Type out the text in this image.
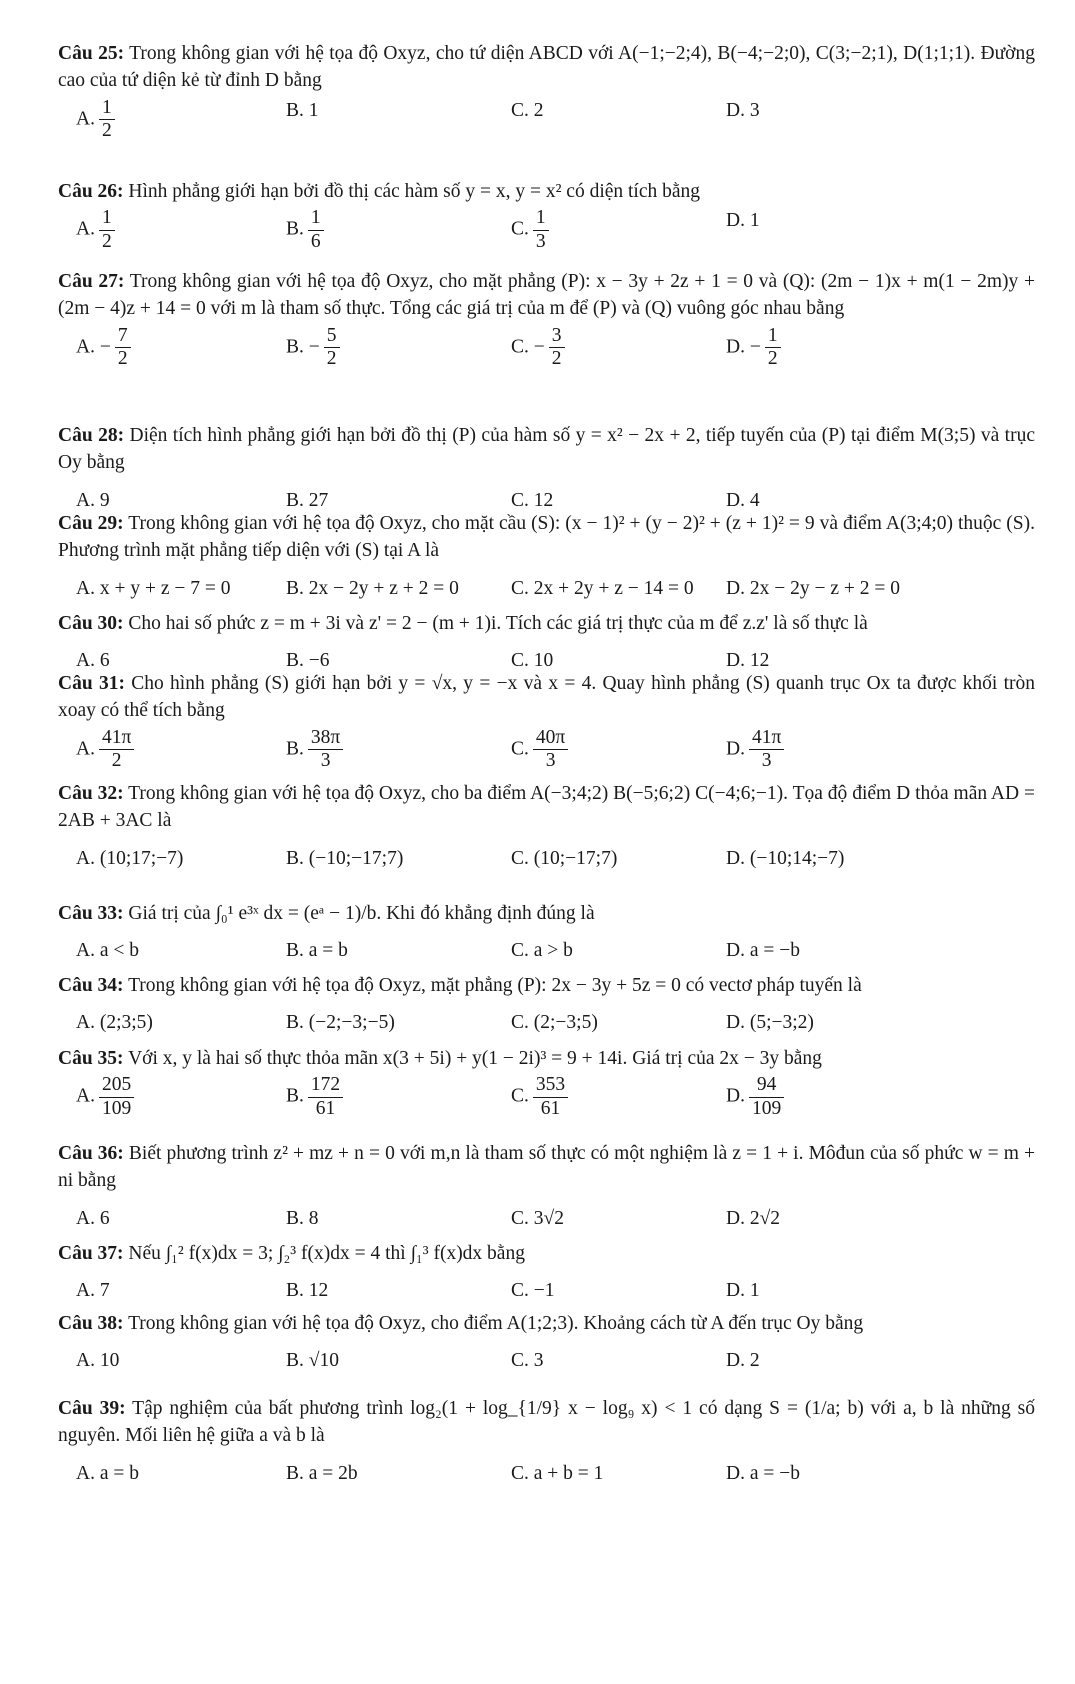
Câu 25: Trong không gian với hệ tọa độ Oxyz, cho tứ diện ABCD với A(−1;−2;4), B(−4;−2;0), C(3;−2;1), D(1;1;1). Đường cao của tứ diện kẻ từ đỉnh D bằng
A. $\frac{1}{2}$	B. 1	C. 2	D. 3
Câu 26: Hình phẳng giới hạn bởi đồ thị các hàm số y = x, y = x² có diện tích bằng
A. $\frac{1}{2}$	B. $\frac{1}{6}$	C. $\frac{1}{3}$	D. 1
Câu 27: Trong không gian với hệ tọa độ Oxyz, cho mặt phẳng (P): x − 3y + 2z + 1 = 0 và (Q): (2m − 1)x + m(1 − 2m)y + (2m − 4)z + 14 = 0 với m là tham số thực. Tổng các giá trị của m để (P) và (Q) vuông góc nhau bằng
A. − $\frac{7}{2}$	B. − $\frac{5}{2}$	C. − $\frac{3}{2}$	D. − $\frac{1}{2}$
Câu 28: Diện tích hình phẳng giới hạn bởi đồ thị (P) của hàm số y = x² − 2x + 2, tiếp tuyến của (P) tại điểm M(3;5) và trục Oy bằng
A. 9	B. 27	C. 12	D. 4
Câu 29: Trong không gian với hệ tọa độ Oxyz, cho mặt cầu (S): (x − 1)² + (y − 2)² + (z + 1)² = 9 và điểm A(3;4;0) thuộc (S). Phương trình mặt phẳng tiếp diện với (S) tại A là
A. x + y + z − 7 = 0	B. 2x − 2y + z + 2 = 0	C. 2x + 2y + z − 14 = 0 D. 2x − 2y − z + 2 = 0
Câu 30: Cho hai số phức z = m + 3i và z' = 2 − (m + 1)i. Tích các giá trị thực của m để z.z' là số thực là
A. 6	B. −6	C. 10	D. 12
Câu 31: Cho hình phẳng (S) giới hạn bởi y = √x, y = −x và x = 4. Quay hình phẳng (S) quanh trục Ox ta được khối tròn xoay có thể tích bằng
A. $\frac{41\pi}{2}$	B. $\frac{38\pi}{3}$	C. $\frac{40\pi}{3}$	D. $\frac{41\pi}{3}$
Câu 32: Trong không gian với hệ tọa độ Oxyz, cho ba điểm A(−3;4;2) B(−5;6;2) C(−4;6;−1). Tọa độ điểm D thỏa mãn AD = 2AB + 3AC là
A. (10;17;−7)	B. (−10;−17;7)	C. (10;−17;7)	D. (−10;14;−7)
Câu 33: Giá trị của ∫₀¹ e³ˣ dx = (eᵃ − 1)/b. Khi đó khẳng định đúng là
A. a < b	B. a = b	C. a > b	D. a = −b
Câu 34: Trong không gian với hệ tọa độ Oxyz, mặt phẳng (P): 2x − 3y + 5z = 0 có vectơ pháp tuyến là
A. (2;3;5)	B. (−2;−3;−5)	C. (2;−3;5)	D. (5;−3;2)
Câu 35: Với x, y là hai số thực thỏa mãn x(3 + 5i) + y(1 − 2i)³ = 9 + 14i. Giá trị của 2x − 3y bằng
A. $\frac{205}{109}$	B. $\frac{172}{61}$	C. $\frac{353}{61}$	D. $\frac{94}{109}$
Câu 36: Biết phương trình z² + mz + n = 0 với m,n là tham số thực có một nghiệm là z = 1 + i. Môđun của số phức w = m + ni bằng
A. 6	B. 8	C. 3√2	D. 2√2
Câu 37: Nếu ∫₁² f(x)dx = 3; ∫₂³ f(x)dx = 4 thì ∫₁³ f(x)dx bằng
A. 7	B. 12	C. −1	D. 1
Câu 38: Trong không gian với hệ tọa độ Oxyz, cho điểm A(1;2;3). Khoảng cách từ A đến trục Oy bằng
A. 10	B. √10	C. 3	D. 2
Câu 39: Tập nghiệm của bất phương trình log₂(1 + log_{1/9} x − log₉ x) < 1 có dạng S = (1/a; b) với a, b là những số nguyên. Mối liên hệ giữa a và b là
A. a = b	B. a = 2b	C. a + b = 1	D. a = −b
